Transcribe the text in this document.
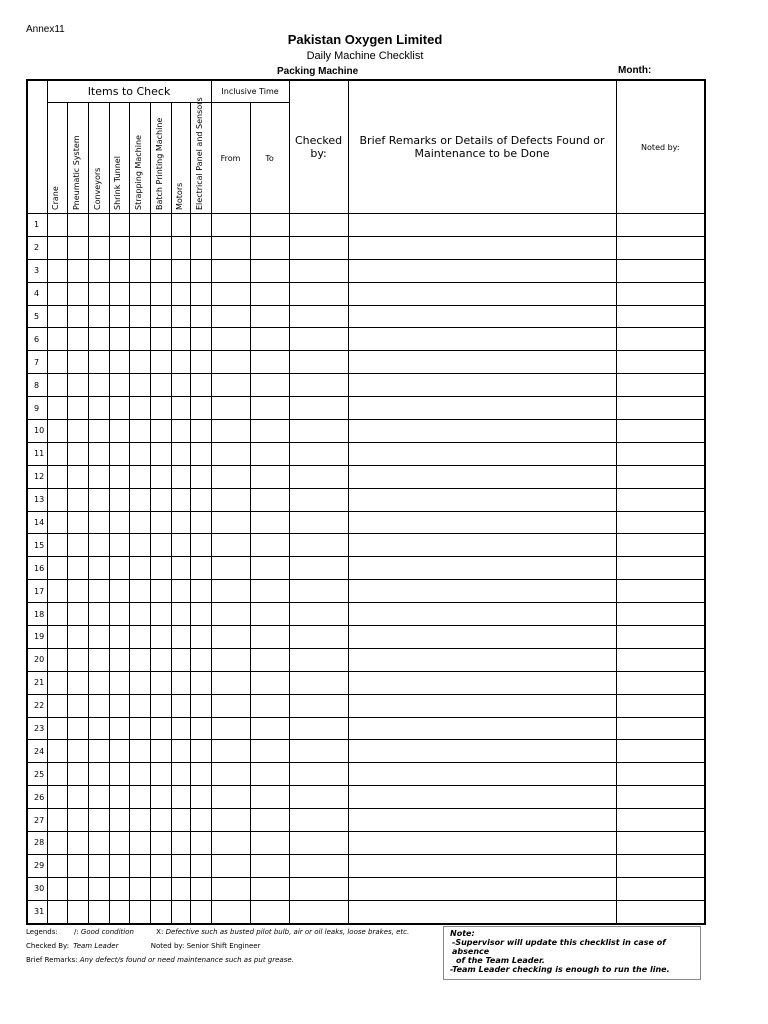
Annex11
Pakistan Oxygen Limited
Daily Machine Checklist
Packing Machine	Month:
	Items to Check								Inclusive Time		Checked by:	Brief Remarks or Details of Defects Found or Maintenance to be Done	Noted by:

	Crane	Pneumatic System	Conveyors	Shrink Tunnel	Strapping Machine	Batch Printing Machine	Motors	Electrical Panel and Sensors	From	To			
1													
2													
3													
4													
5													
6													
7													
8													
9													
10													
11													
12													
13													
14													
15													
16													
17													
18													
19													
20													
21													
22													
23													
24													
25													
26													
27													
28													
29													
30													
31													
Legends: /: Good condition	X: Defective such as busted pilot bulb, air or oil leaks, loose brakes, etc.
Checked By: Team Leader	Noted by: Senior Shift Engineer
Brief Remarks: Any defect/s found or need maintenance such as put grease.
Note:
-Supervisor will update this checklist in case of absence
of the Team Leader.
-Team Leader checking is enough to run the line.
